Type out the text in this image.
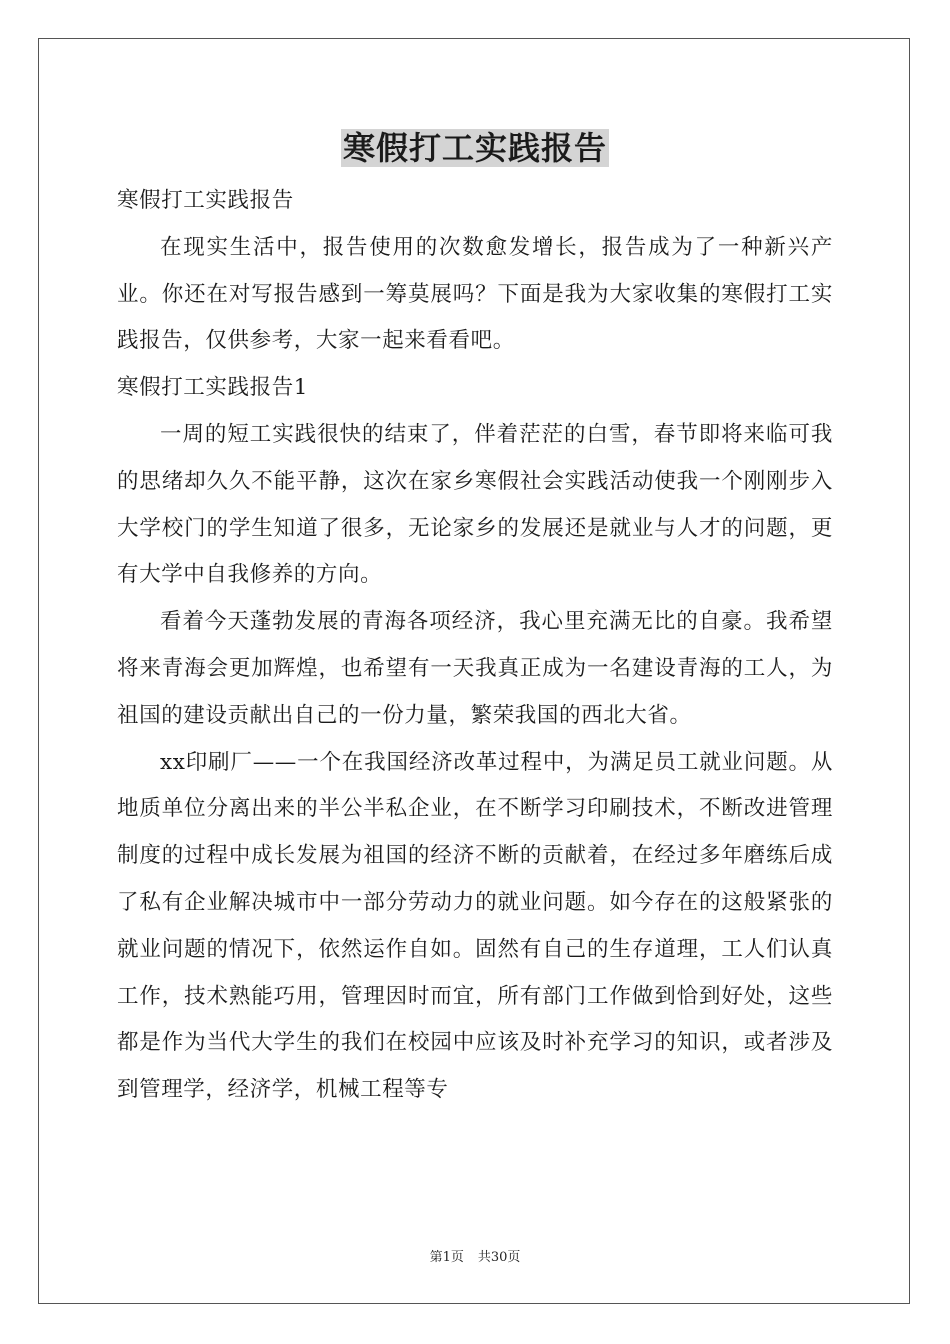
寒假打工实践报告

寒假打工实践报告

在现实生活中，报告使用的次数愈发增长，报告成为了一种新兴产业。你还在对写报告感到一筹莫展吗？下面是我为大家收集的寒假打工实践报告，仅供参考，大家一起来看看吧。

寒假打工实践报告1

一周的短工实践很快的结束了，伴着茫茫的白雪，春节即将来临可我的思绪却久久不能平静，这次在家乡寒假社会实践活动使我一个刚刚步入大学校门的学生知道了很多，无论家乡的发展还是就业与人才的问题，更有大学中自我修养的方向。

看着今天蓬勃发展的青海各项经济，我心里充满无比的自豪。我希望将来青海会更加辉煌，也希望有一天我真正成为一名建设青海的工人，为祖国的建设贡献出自己的一份力量，繁荣我国的西北大省。

xx印刷厂——一个在我国经济改革过程中，为满足员工就业问题。从地质单位分离出来的半公半私企业，在不断学习印刷技术，不断改进管理制度的过程中成长发展为祖国的经济不断的贡献着，在经过多年磨练后成了私有企业解决城市中一部分劳动力的就业问题。如今存在的这般紧张的就业问题的情况下，依然运作自如。固然有自己的生存道理，工人们认真工作，技术熟能巧用，管理因时而宜，所有部门工作做到恰到好处，这些都是作为当代大学生的我们在校园中应该及时补充学习的知识，或者涉及到管理学，经济学，机械工程等专

第1页 共30页
